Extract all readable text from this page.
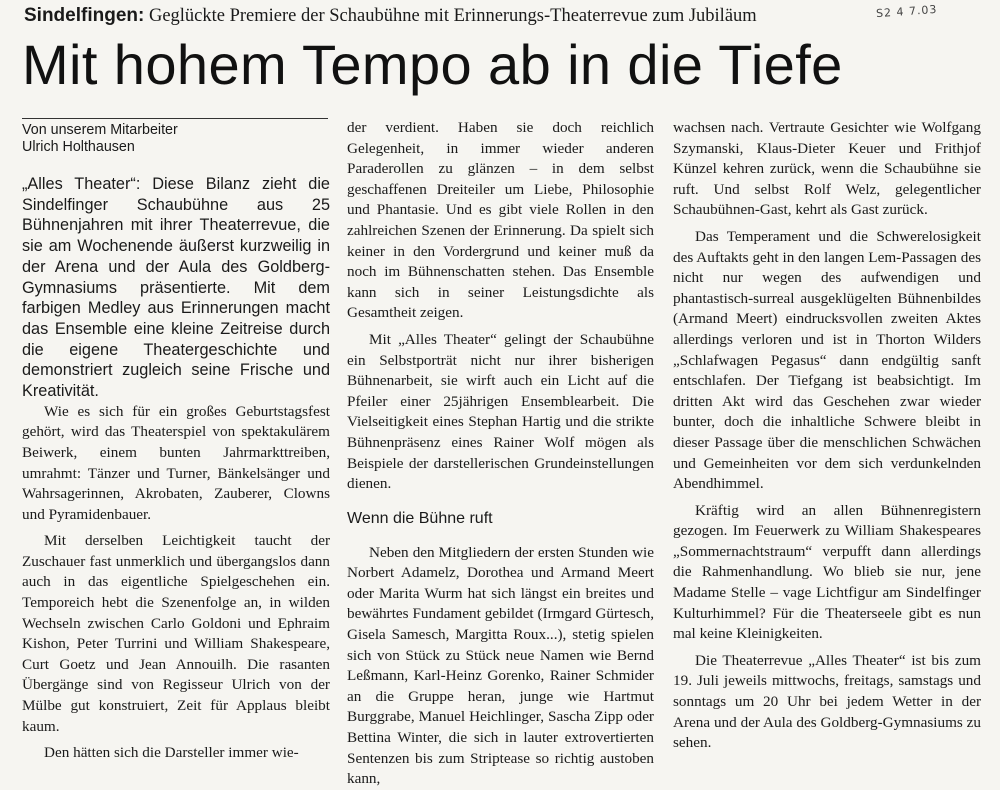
Sindelfingen: Geglückte Premiere der Schaubühne mit Erinnerungs-Theaterrevue zum Jubiläum	S2 4 7.03
Mit hohem Tempo ab in die Tiefe
Von unserem Mitarbeiter
Ulrich Holthausen

„Alles Theater“: Diese Bilanz zieht die Sindelfinger Schaubühne aus 25 Bühnenjahren mit ihrer Theaterrevue, die sie am Wochenende äußerst kurzweilig in der Arena und der Aula des Goldberg-Gymnasiums präsentierte. Mit dem farbigen Medley aus Erinnerungen macht das Ensemble eine kleine Zeitreise durch die eigene Theatergeschichte und demonstriert zugleich seine Frische und Kreativität.

Wie es sich für ein großes Geburtstagsfest gehört, wird das Theaterspiel von spektakulärem Beiwerk, einem bunten Jahrmarkttreiben, umrahmt: Tänzer und Turner, Bänkelsänger und Wahrsagerinnen, Akrobaten, Zauberer, Clowns und Pyramidenbauer.

Mit derselben Leichtigkeit taucht der Zuschauer fast unmerklich und übergangslos dann auch in das eigentliche Spielgeschehen ein. Temporeich hebt die Szenenfolge an, in wilden Wechseln zwischen Carlo Goldoni und Ephraim Kishon, Peter Turrini und William Shakespeare, Curt Goetz und Jean Annouilh. Die rasanten Übergänge sind von Regisseur Ulrich von der Mülbe gut konstruiert, Zeit für Applaus bleibt kaum.

Den hätten sich die Darsteller immer wie-

der verdient. Haben sie doch reichlich Gelegenheit, in immer wieder anderen Paraderollen zu glänzen – in dem selbst geschaffenen Dreiteiler um Liebe, Philosophie und Phantasie. Und es gibt viele Rollen in den zahlreichen Szenen der Erinnerung. Da spielt sich keiner in den Vordergrund und keiner muß da noch im Bühnenschatten stehen. Das Ensemble kann sich in seiner Leistungsdichte als Gesamtheit zeigen.

Mit „Alles Theater“ gelingt der Schaubühne ein Selbstporträt nicht nur ihrer bisherigen Bühnenarbeit, sie wirft auch ein Licht auf die Pfeiler einer 25jährigen Ensemblearbeit. Die Vielseitigkeit eines Stephan Hartig und die strikte Bühnenpräsenz eines Rainer Wolf mögen als Beispiele der darstellerischen Grundeinstellungen dienen.

Wenn die Bühne ruft

Neben den Mitgliedern der ersten Stunden wie Norbert Adamelz, Dorothea und Armand Meert oder Marita Wurm hat sich längst ein breites und bewährtes Fundament gebildet (Irmgard Gürtesch, Gisela Samesch, Margitta Roux...), stetig spielen sich von Stück zu Stück neue Namen wie Bernd Leßmann, Karl-Heinz Gorenko, Rainer Schmider an die Gruppe heran, junge wie Hartmut Burggrabe, Manuel Heichlinger, Sascha Zipp oder Bettina Winter, die sich in lauter extrovertierten Sentenzen bis zum Striptease so richtig austoben kann,

wachsen nach. Vertraute Gesichter wie Wolfgang Szymanski, Klaus-Dieter Keuer und Frithjof Künzel kehren zurück, wenn die Schaubühne sie ruft. Und selbst Rolf Welz, gelegentlicher Schaubühnen-Gast, kehrt als Gast zurück.

Das Temperament und die Schwerelosigkeit des Auftakts geht in den langen Lem-Passagen des nicht nur wegen des aufwendigen und phantastisch-surreal ausgeklügelten Bühnenbildes (Armand Meert) eindrucksvollen zweiten Aktes allerdings verloren und ist in Thorton Wilders „Schlafwagen Pegasus“ dann endgültig sanft entschlafen. Der Tiefgang ist beabsichtigt. Im dritten Akt wird das Geschehen zwar wieder bunter, doch die inhaltliche Schwere bleibt in dieser Passage über die menschlichen Schwächen und Gemeinheiten vor dem sich verdunkelnden Abendhimmel.

Kräftig wird an allen Bühnenregistern gezogen. Im Feuerwerk zu William Shakespeares „Sommernachtstraum“ verpufft dann allerdings die Rahmenhandlung. Wo blieb sie nur, jene Madame Stelle – vage Lichtfigur am Sindelfinger Kulturhimmel? Für die Theaterseele gibt es nun mal keine Kleinigkeiten.

Die Theaterrevue „Alles Theater“ ist bis zum 19. Juli jeweils mittwochs, freitags, samstags und sonntags um 20 Uhr bei jedem Wetter in der Arena und der Aula des Goldberg-Gymnasiums zu sehen.
